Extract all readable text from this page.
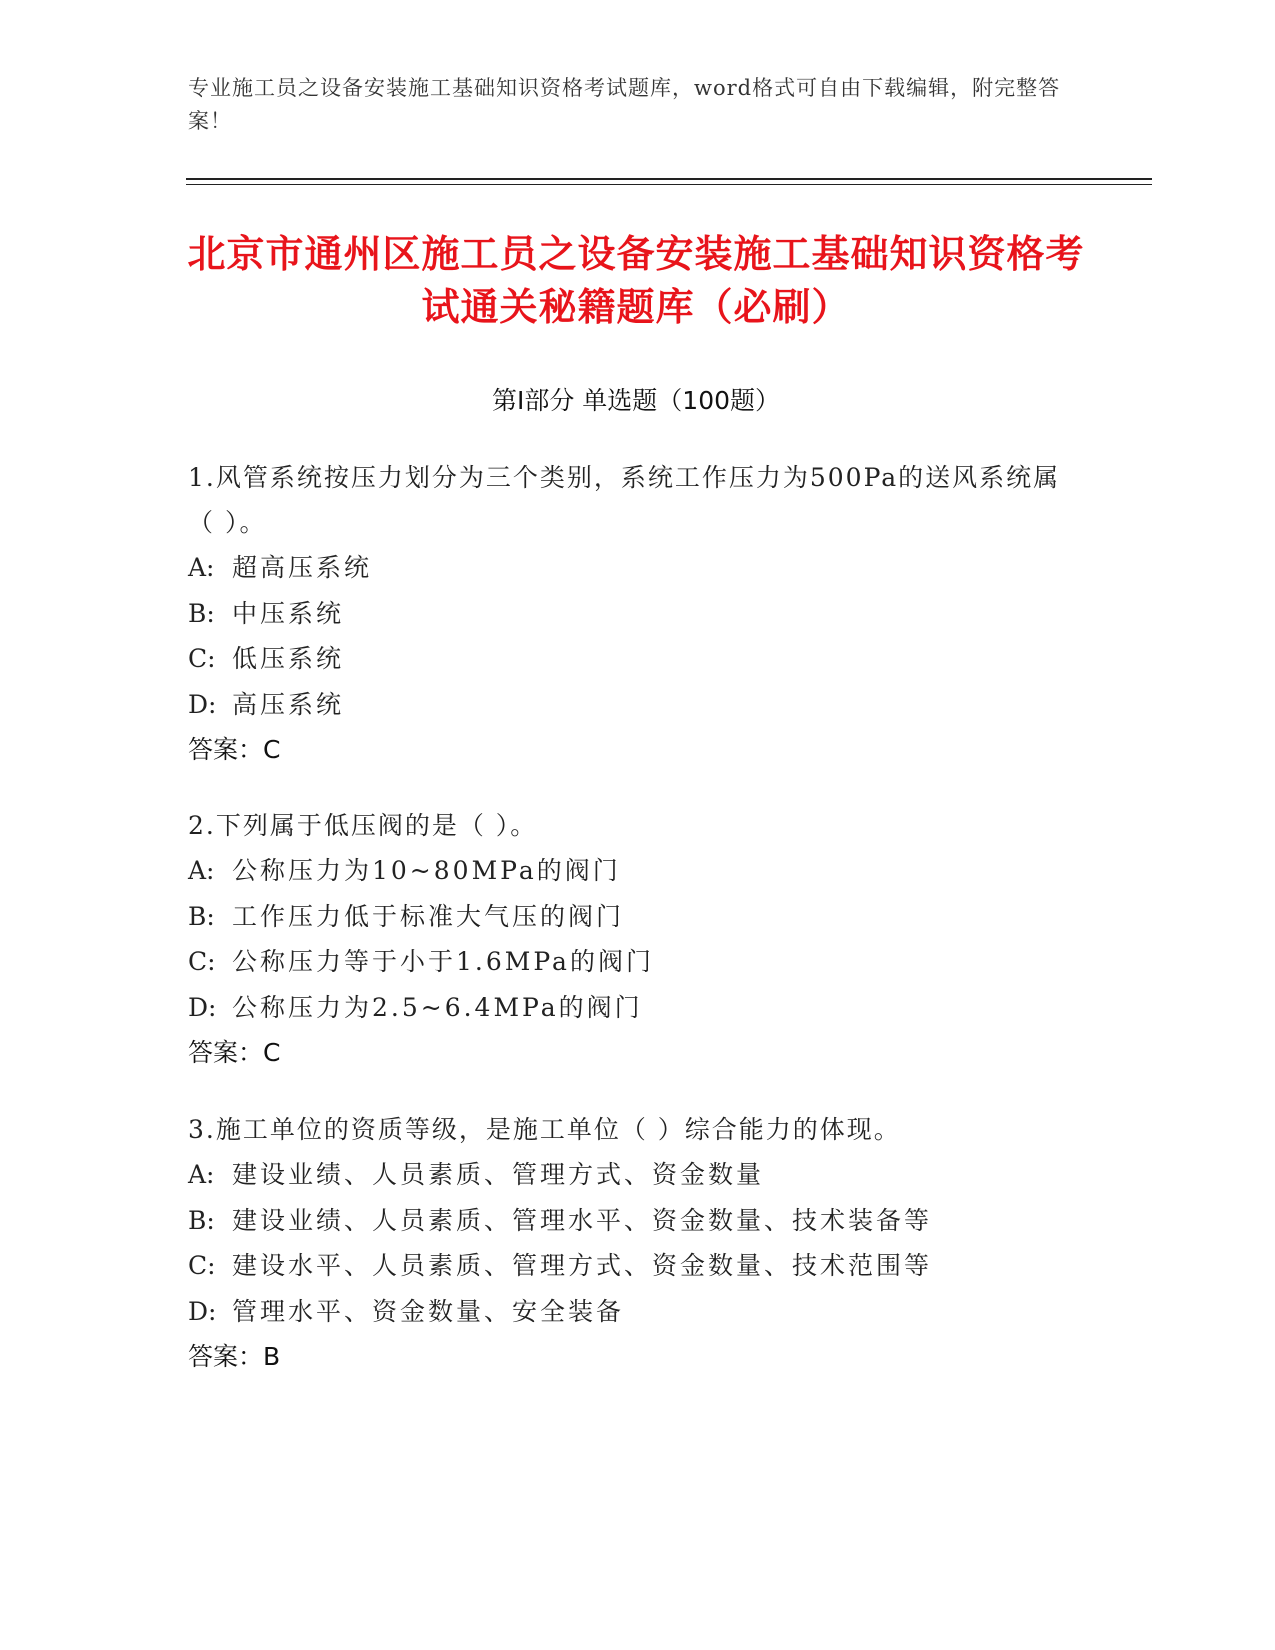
专业施工员之设备安装施工基础知识资格考试题库，word格式可自由下载编辑，附完整答案！
北京市通州区施工员之设备安装施工基础知识资格考试通关秘籍题库（必刷）
第I部分 单选题（100题）
1.风管系统按压力划分为三个类别，系统工作压力为500Pa的送风系统属（ ）。
A: 超高压系统
B: 中压系统
C: 低压系统
D: 高压系统
答案：C
2.下列属于低压阀的是（ ）。
A: 公称压力为10~80MPa的阀门
B: 工作压力低于标准大气压的阀门
C: 公称压力等于小于1.6MPa的阀门
D: 公称压力为2.5~6.4MPa的阀门
答案：C
3.施工单位的资质等级，是施工单位（ ）综合能力的体现。
A: 建设业绩、人员素质、管理方式、资金数量
B: 建设业绩、人员素质、管理水平、资金数量、技术装备等
C: 建设水平、人员素质、管理方式、资金数量、技术范围等
D: 管理水平、资金数量、安全装备
答案：B
